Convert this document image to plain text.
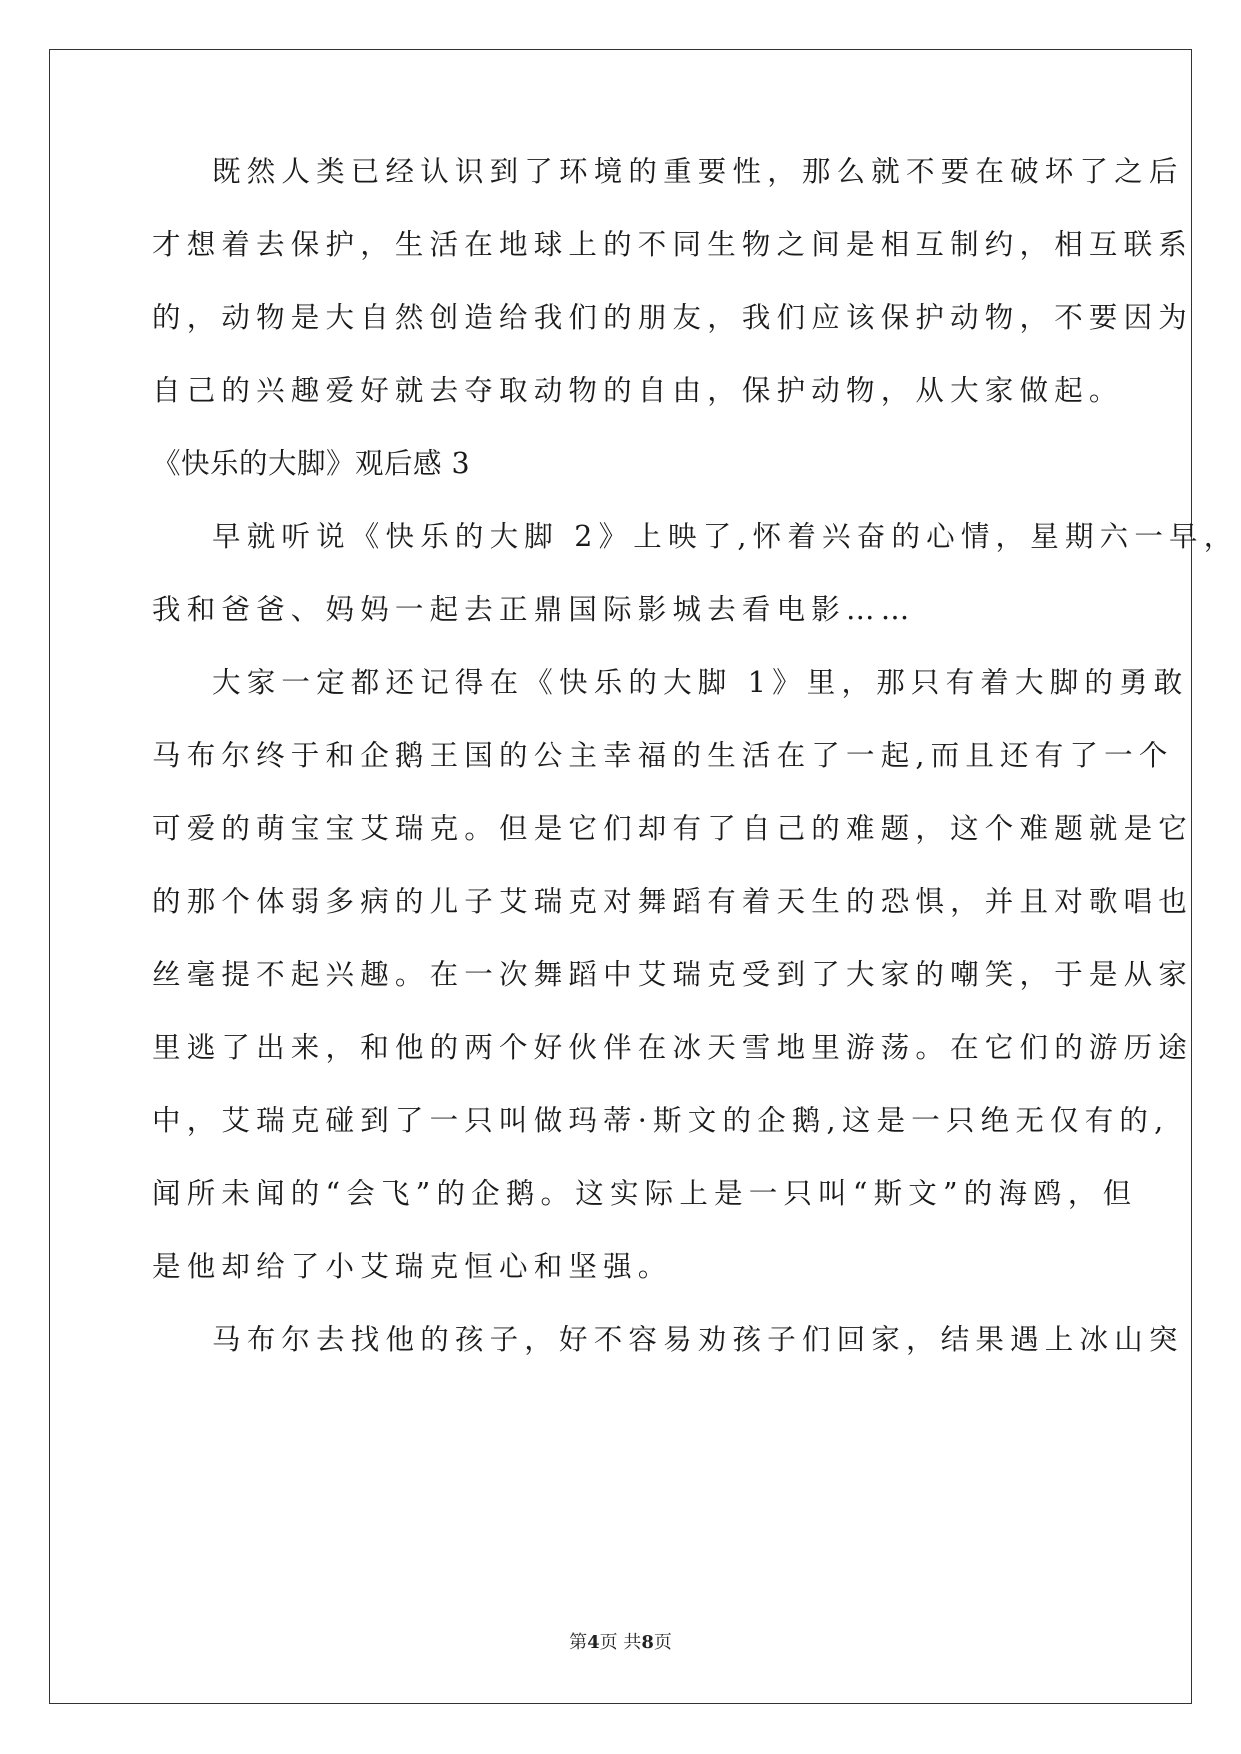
既然人类已经认识到了环境的重要性，那么就不要在破坏了之后
才想着去保护，生活在地球上的不同生物之间是相互制约，相互联系
的，动物是大自然创造给我们的朋友，我们应该保护动物，不要因为
自己的兴趣爱好就去夺取动物的自由，保护动物，从大家做起。
《快乐的大脚》观后感 3
早就听说《快乐的大脚 2》上映了,怀着兴奋的心情，星期六一早，
我和爸爸、妈妈一起去正鼎国际影城去看电影……
大家一定都还记得在《快乐的大脚 1》里，那只有着大脚的勇敢
马布尔终于和企鹅王国的公主幸福的生活在了一起,而且还有了一个
可爱的萌宝宝艾瑞克。但是它们却有了自己的难题，这个难题就是它
的那个体弱多病的儿子艾瑞克对舞蹈有着天生的恐惧，并且对歌唱也
丝毫提不起兴趣。在一次舞蹈中艾瑞克受到了大家的嘲笑，于是从家
里逃了出来，和他的两个好伙伴在冰天雪地里游荡。在它们的游历途
中，艾瑞克碰到了一只叫做玛蒂·斯文的企鹅,这是一只绝无仅有的,
闻所未闻的“会飞”的企鹅。这实际上是一只叫“斯文”的海鸥，但
是他却给了小艾瑞克恒心和坚强。
马布尔去找他的孩子，好不容易劝孩子们回家，结果遇上冰山突
第4页 共8页
